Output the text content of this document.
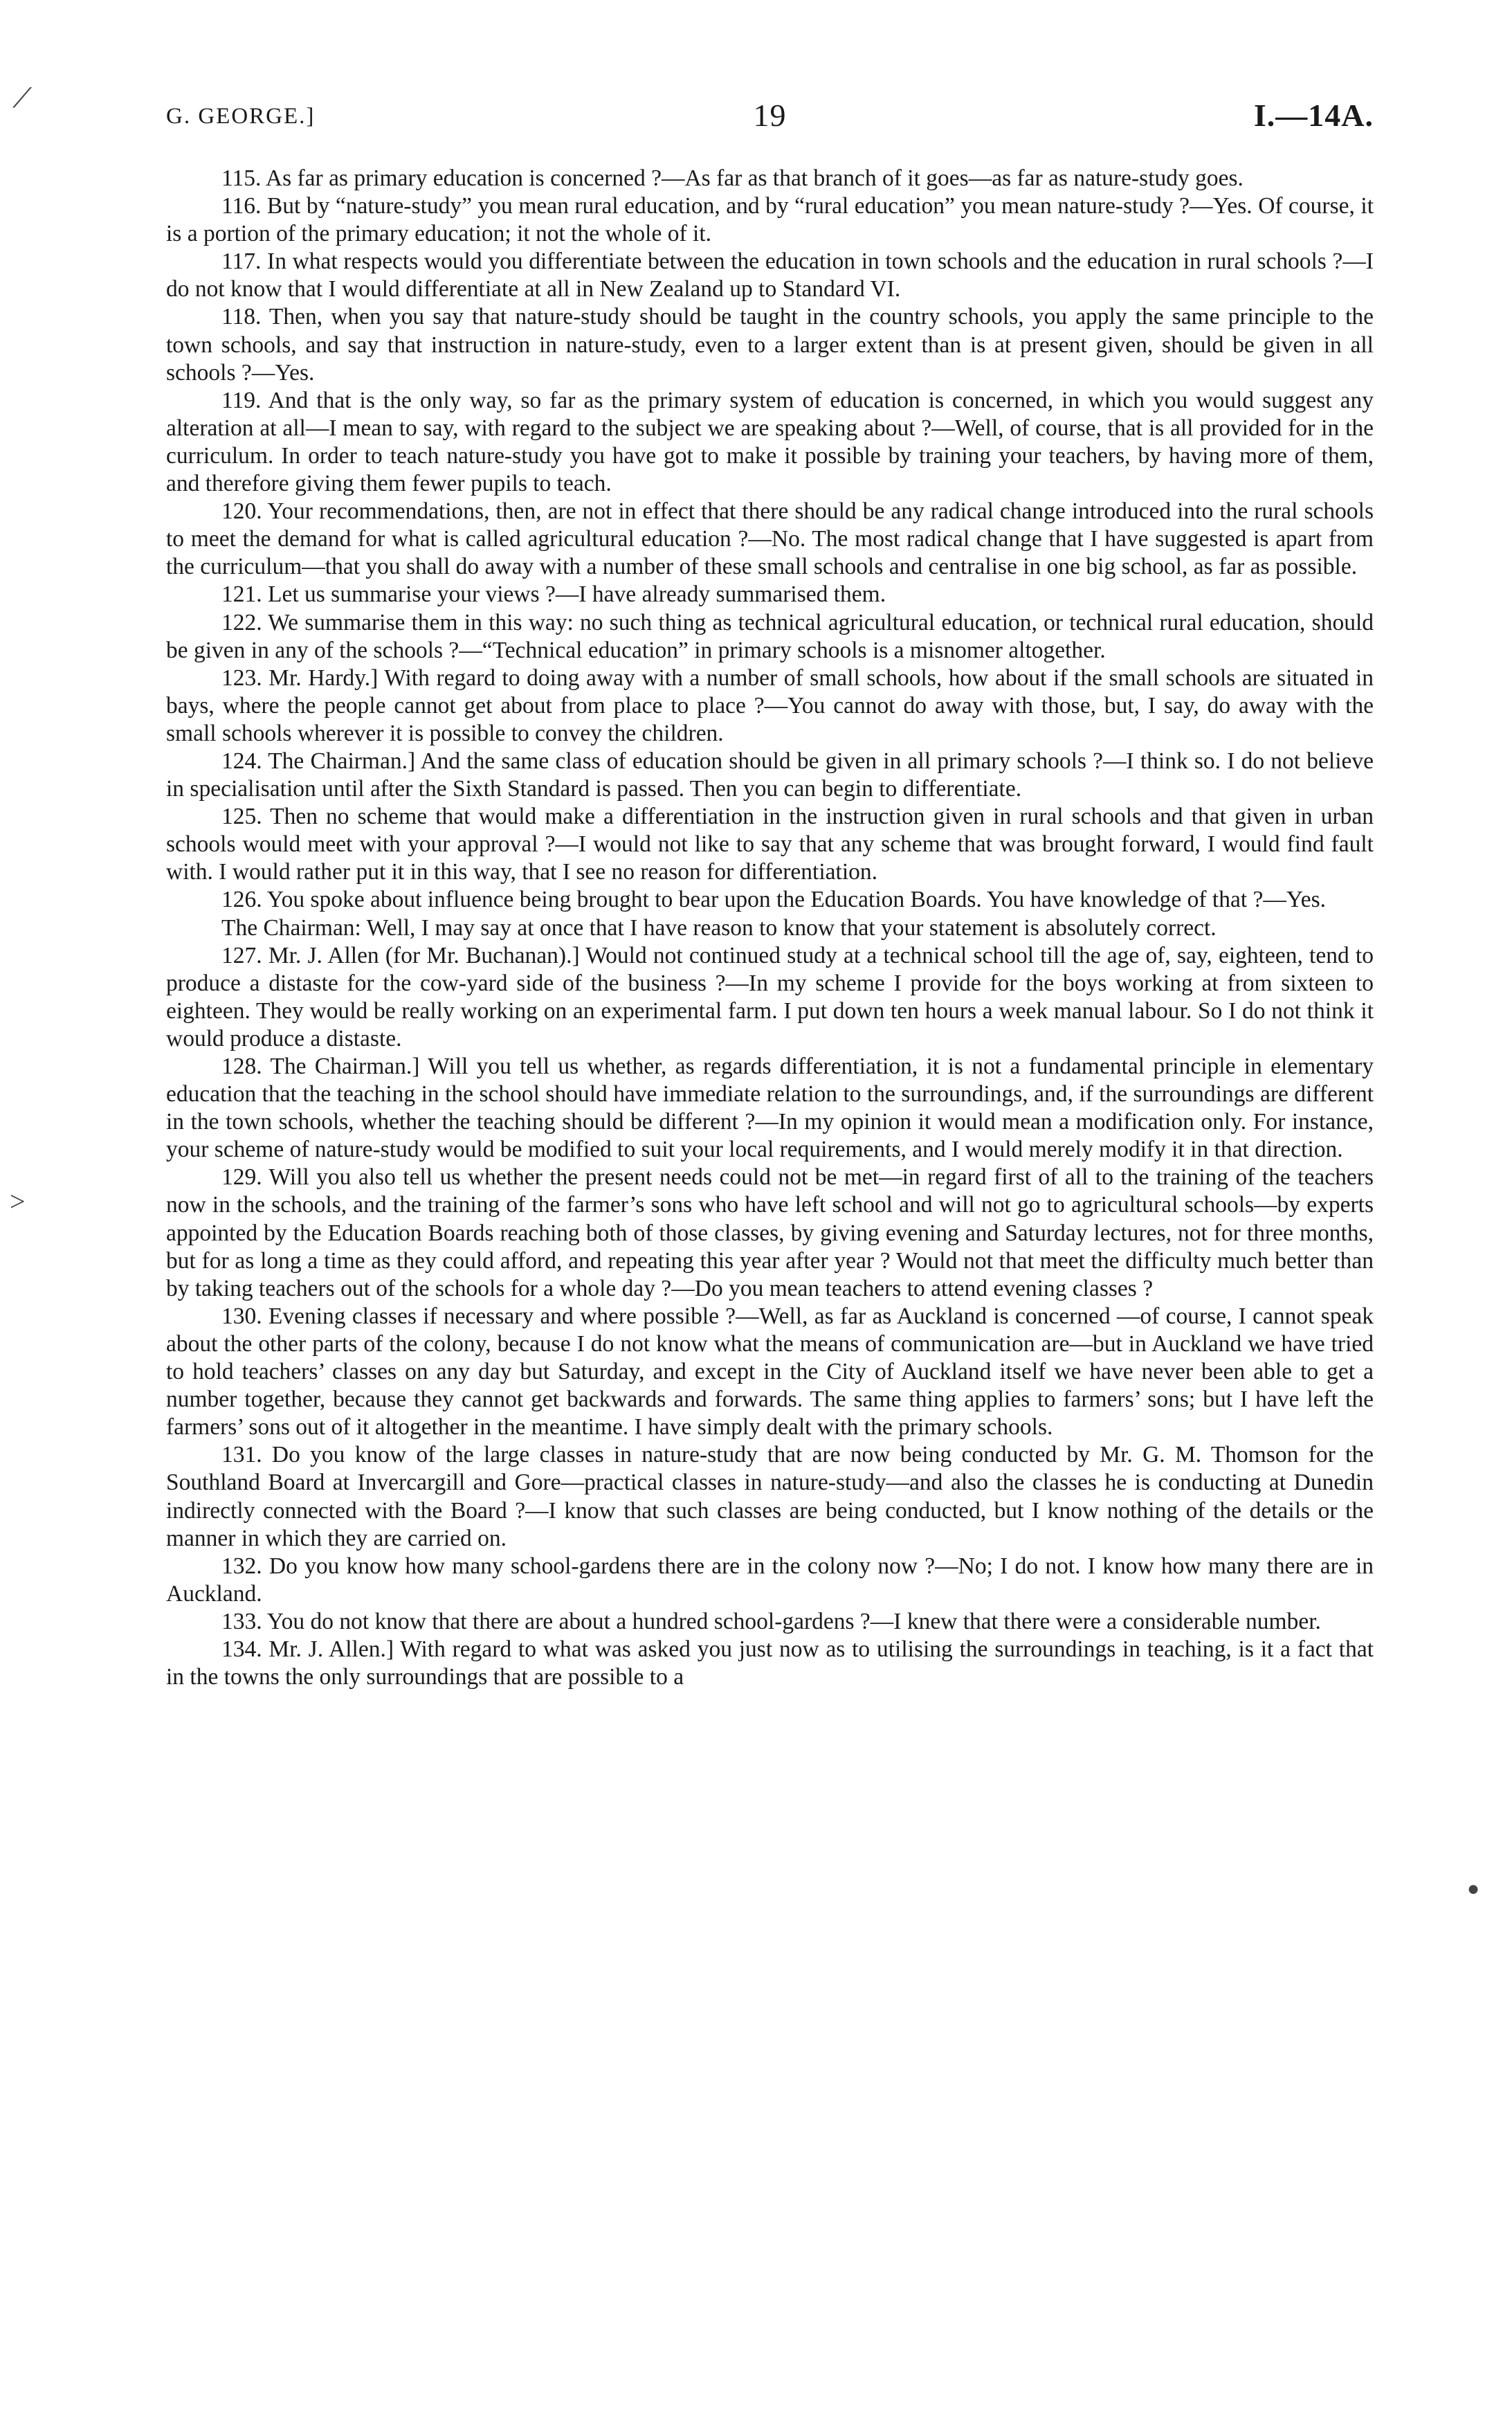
G. GEORGE.]	19	I.—14A.
⟋
>
●

115. As far as primary education is concerned ?—As far as that branch of it goes—as far as nature-study goes.

116. But by “nature-study” you mean rural education, and by “rural education” you mean nature-study ?—Yes. Of course, it is a portion of the primary education; it not the whole of it.

117. In what respects would you differentiate between the education in town schools and the education in rural schools ?—I do not know that I would differentiate at all in New Zealand up to Standard VI.

118. Then, when you say that nature-study should be taught in the country schools, you apply the same principle to the town schools, and say that instruction in nature-study, even to a larger extent than is at present given, should be given in all schools ?—Yes.

119. And that is the only way, so far as the primary system of education is concerned, in which you would suggest any alteration at all—I mean to say, with regard to the subject we are speaking about ?—Well, of course, that is all provided for in the curriculum. In order to teach nature-study you have got to make it possible by training your teachers, by having more of them, and therefore giving them fewer pupils to teach.

120. Your recommendations, then, are not in effect that there should be any radical change introduced into the rural schools to meet the demand for what is called agricultural education ?—No. The most radical change that I have suggested is apart from the curriculum—that you shall do away with a number of these small schools and centralise in one big school, as far as possible.

121. Let us summarise your views ?—I have already summarised them.

122. We summarise them in this way: no such thing as technical agricultural education, or technical rural education, should be given in any of the schools ?—“Technical education” in primary schools is a misnomer altogether.

123. Mr. Hardy.] With regard to doing away with a number of small schools, how about if the small schools are situated in bays, where the people cannot get about from place to place ?—You cannot do away with those, but, I say, do away with the small schools wherever it is possible to convey the children.

124. The Chairman.] And the same class of education should be given in all primary schools ?—I think so. I do not believe in specialisation until after the Sixth Standard is passed. Then you can begin to differentiate.

125. Then no scheme that would make a differentiation in the instruction given in rural schools and that given in urban schools would meet with your approval ?—I would not like to say that any scheme that was brought forward, I would find fault with. I would rather put it in this way, that I see no reason for differentiation.

126. You spoke about influence being brought to bear upon the Education Boards. You have knowledge of that ?—Yes.

The Chairman: Well, I may say at once that I have reason to know that your statement is absolutely correct.

127. Mr. J. Allen (for Mr. Buchanan).] Would not continued study at a technical school till the age of, say, eighteen, tend to produce a distaste for the cow-yard side of the business ?—In my scheme I provide for the boys working at from sixteen to eighteen. They would be really working on an experimental farm. I put down ten hours a week manual labour. So I do not think it would produce a distaste.

128. The Chairman.] Will you tell us whether, as regards differentiation, it is not a fundamental principle in elementary education that the teaching in the school should have immediate relation to the surroundings, and, if the surroundings are different in the town schools, whether the teaching should be different ?—In my opinion it would mean a modification only. For instance, your scheme of nature-study would be modified to suit your local requirements, and I would merely modify it in that direction.

129. Will you also tell us whether the present needs could not be met—in regard first of all to the training of the teachers now in the schools, and the training of the farmer’s sons who have left school and will not go to agricultural schools—by experts appointed by the Education Boards reaching both of those classes, by giving evening and Saturday lectures, not for three months, but for as long a time as they could afford, and repeating this year after year ? Would not that meet the difficulty much better than by taking teachers out of the schools for a whole day ?—Do you mean teachers to attend evening classes ?

130. Evening classes if necessary and where possible ?—Well, as far as Auckland is concerned —of course, I cannot speak about the other parts of the colony, because I do not know what the means of communication are—but in Auckland we have tried to hold teachers’ classes on any day but Saturday, and except in the City of Auckland itself we have never been able to get a number together, because they cannot get backwards and forwards. The same thing applies to farmers’ sons; but I have left the farmers’ sons out of it altogether in the meantime. I have simply dealt with the primary schools.

131. Do you know of the large classes in nature-study that are now being conducted by Mr. G. M. Thomson for the Southland Board at Invercargill and Gore—practical classes in nature-study—and also the classes he is conducting at Dunedin indirectly connected with the Board ?—I know that such classes are being conducted, but I know nothing of the details or the manner in which they are carried on.

132. Do you know how many school-gardens there are in the colony now ?—No; I do not. I know how many there are in Auckland.

133. You do not know that there are about a hundred school-gardens ?—I knew that there were a considerable number.

134. Mr. J. Allen.] With regard to what was asked you just now as to utilising the surroundings in teaching, is it a fact that in the towns the only surroundings that are possible to a
